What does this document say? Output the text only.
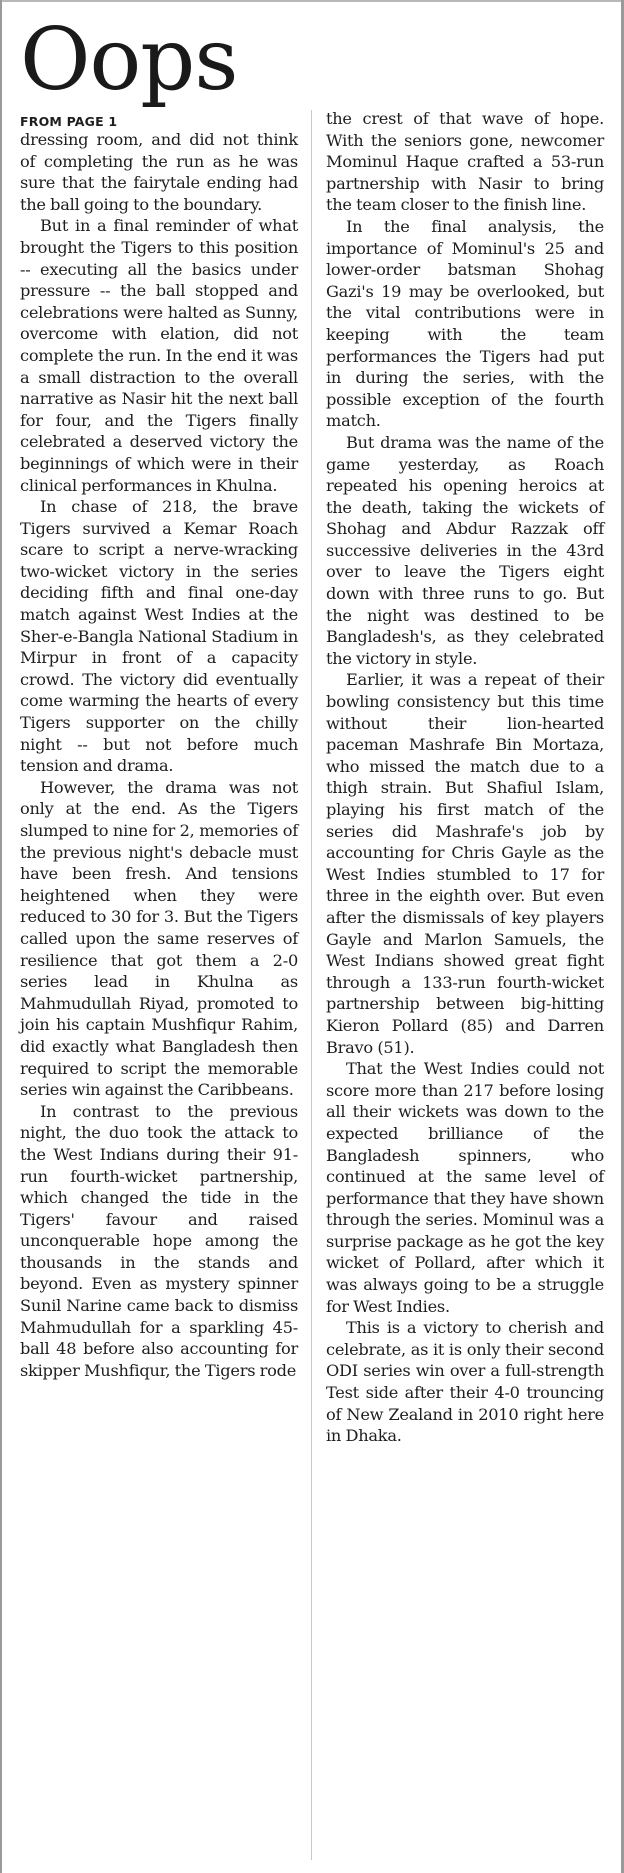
Oops
FROM PAGE 1

dressing room, and did not think of completing the run as he was sure that the fairytale ending had the ball going to the boundary.

But in a final reminder of what brought the Tigers to this position -- executing all the basics under pressure -- the ball stopped and celebrations were halted as Sunny, overcome with elation, did not complete the run. In the end it was a small distraction to the overall narrative as Nasir hit the next ball for four, and the Tigers finally celebrated a deserved victory the beginnings of which were in their clinical performances in Khulna.

In chase of 218, the brave Tigers survived a Kemar Roach scare to script a nerve-wracking two-wicket victory in the series deciding fifth and final one-day match against West Indies at the Sher-e-Bangla National Stadium in Mirpur in front of a capacity crowd. The victory did eventually come warming the hearts of every Tigers supporter on the chilly night -- but not before much tension and drama.

However, the drama was not only at the end. As the Tigers slumped to nine for 2, memories of the previous night's debacle must have been fresh. And tensions heightened when they were reduced to 30 for 3. But the Tigers called upon the same reserves of resilience that got them a 2-0 series lead in Khulna as Mahmudullah Riyad, promoted to join his captain Mushfiqur Rahim, did exactly what Bangladesh then required to script the memorable series win against the Caribbeans.

In contrast to the previous night, the duo took the attack to the West Indians during their 91-run fourth-wicket partnership, which changed the tide in the Tigers' favour and raised unconquerable hope among the thousands in the stands and beyond. Even as mystery spinner Sunil Narine came back to dismiss Mahmudullah for a sparkling 45-ball 48 before also accounting for skipper Mushfiqur, the Tigers rode

the crest of that wave of hope. With the seniors gone, newcomer Mominul Haque crafted a 53-run partnership with Nasir to bring the team closer to the finish line.

In the final analysis, the importance of Mominul's 25 and lower-order batsman Shohag Gazi's 19 may be overlooked, but the vital contributions were in keeping with the team performances the Tigers had put in during the series, with the possible exception of the fourth match.

But drama was the name of the game yesterday, as Roach repeated his opening heroics at the death, taking the wickets of Shohag and Abdur Razzak off successive deliveries in the 43rd over to leave the Tigers eight down with three runs to go. But the night was destined to be Bangladesh's, as they celebrated the victory in style.

Earlier, it was a repeat of their bowling consistency but this time without their lion-hearted paceman Mashrafe Bin Mortaza, who missed the match due to a thigh strain. But Shafiul Islam, playing his first match of the series did Mashrafe's job by accounting for Chris Gayle as the West Indies stumbled to 17 for three in the eighth over. But even after the dismissals of key players Gayle and Marlon Samuels, the West Indians showed great fight through a 133-run fourth-wicket partnership between big-hitting Kieron Pollard (85) and Darren Bravo (51).

That the West Indies could not score more than 217 before losing all their wickets was down to the expected brilliance of the Bangladesh spinners, who continued at the same level of performance that they have shown through the series. Mominul was a surprise package as he got the key wicket of Pollard, after which it was always going to be a struggle for West Indies.

This is a victory to cherish and celebrate, as it is only their second ODI series win over a full-strength Test side after their 4-0 trouncing of New Zealand in 2010 right here in Dhaka.
